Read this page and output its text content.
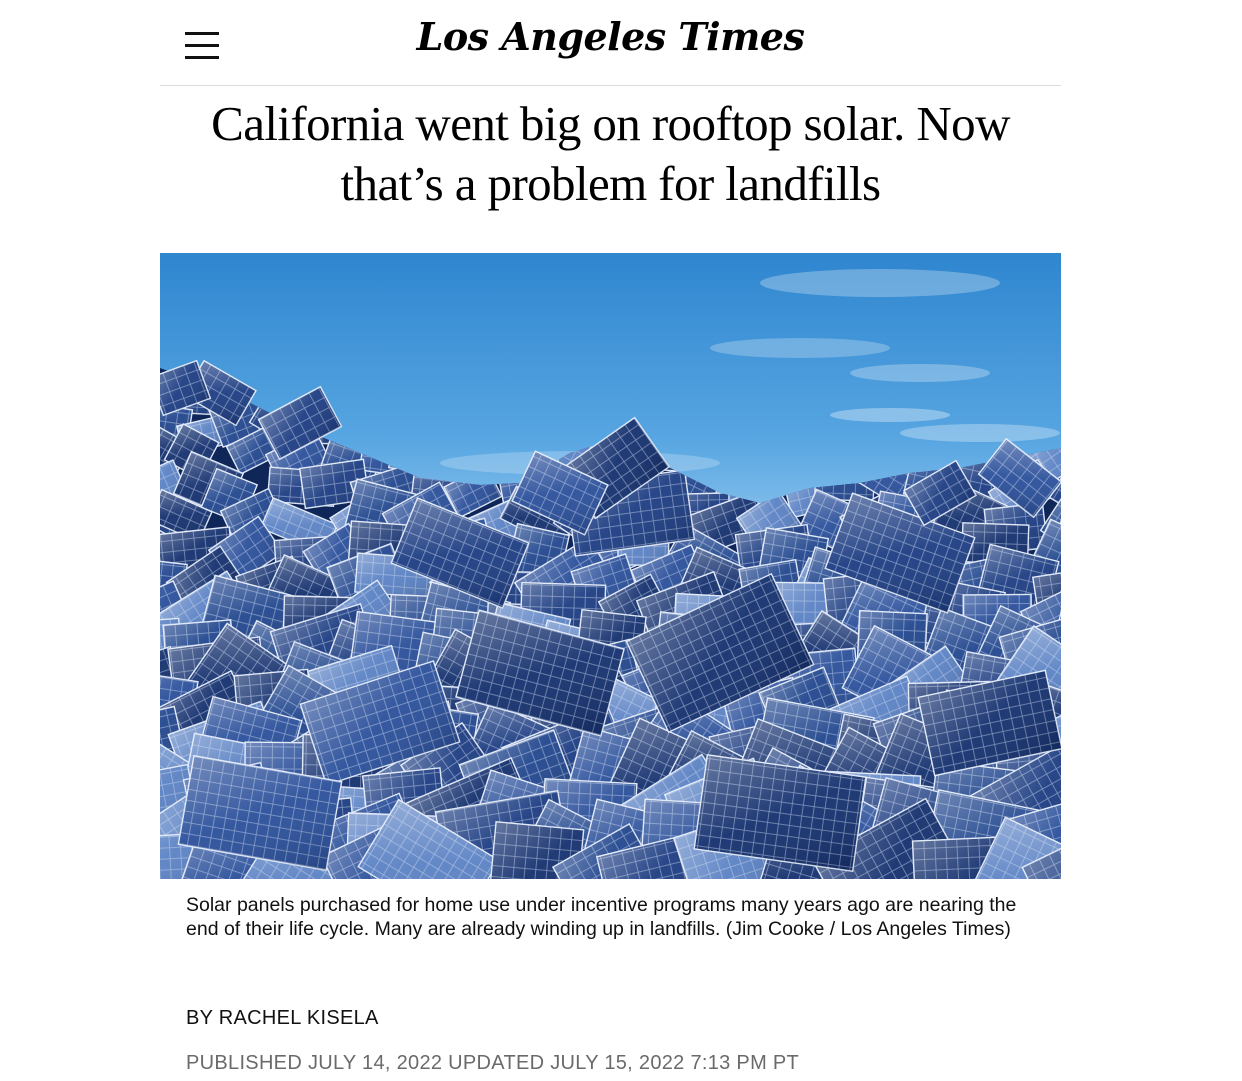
Los Angeles Times
California went big on rooftop solar. Now that’s a problem for landfills

Solar panels purchased for home use under incentive programs many years ago are nearing the end of their life cycle. Many are already winding up in landfills. (Jim Cooke / Los Angeles Times)

BY RACHEL KISELA

PUBLISHED JULY 14, 2022 UPDATED JULY 15, 2022 7:13 PM PT
